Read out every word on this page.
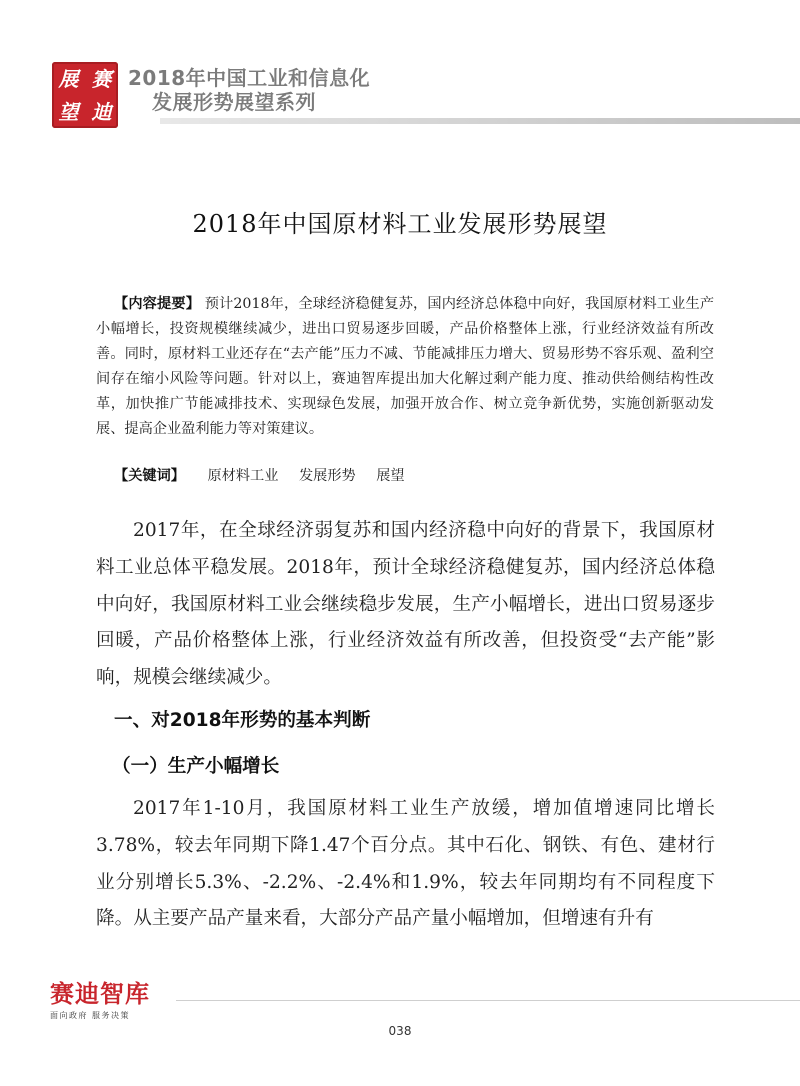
展 赛
望 迪
2018年中国工业和信息化
发展形势展望系列
2018年中国原材料工业发展形势展望
【内容提要】 预计2018年，全球经济稳健复苏，国内经济总体稳中向好，我国原材料工业生产小幅增长，投资规模继续减少，进出口贸易逐步回暖，产品价格整体上涨，行业经济效益有所改善。同时，原材料工业还存在“去产能”压力不减、节能减排压力增大、贸易形势不容乐观、盈利空间存在缩小风险等问题。针对以上，赛迪智库提出加大化解过剩产能力度、推动供给侧结构性改革，加快推广节能减排技术、实现绿色发展，加强开放合作、树立竞争新优势，实施创新驱动发展、提高企业盈利能力等对策建议。
【关键词】 原材料工业 发展形势 展望

2017年，在全球经济弱复苏和国内经济稳中向好的背景下，我国原材料工业总体平稳发展。2018年，预计全球经济稳健复苏，国内经济总体稳中向好，我国原材料工业会继续稳步发展，生产小幅增长，进出口贸易逐步回暖，产品价格整体上涨，行业经济效益有所改善，但投资受“去产能”影响，规模会继续减少。

一、对2018年形势的基本判断
（一）生产小幅增长

2017年1-10月，我国原材料工业生产放缓，增加值增速同比增长3.78%，较去年同期下降1.47个百分点。其中石化、钢铁、有色、建材行业分别增长5.3%、-2.2%、-2.4%和1.9%，较去年同期均有不同程度下降。从主要产品产量来看，大部分产品产量小幅增加，但增速有升有

赛迪智库
面向政府 服务决策
038
